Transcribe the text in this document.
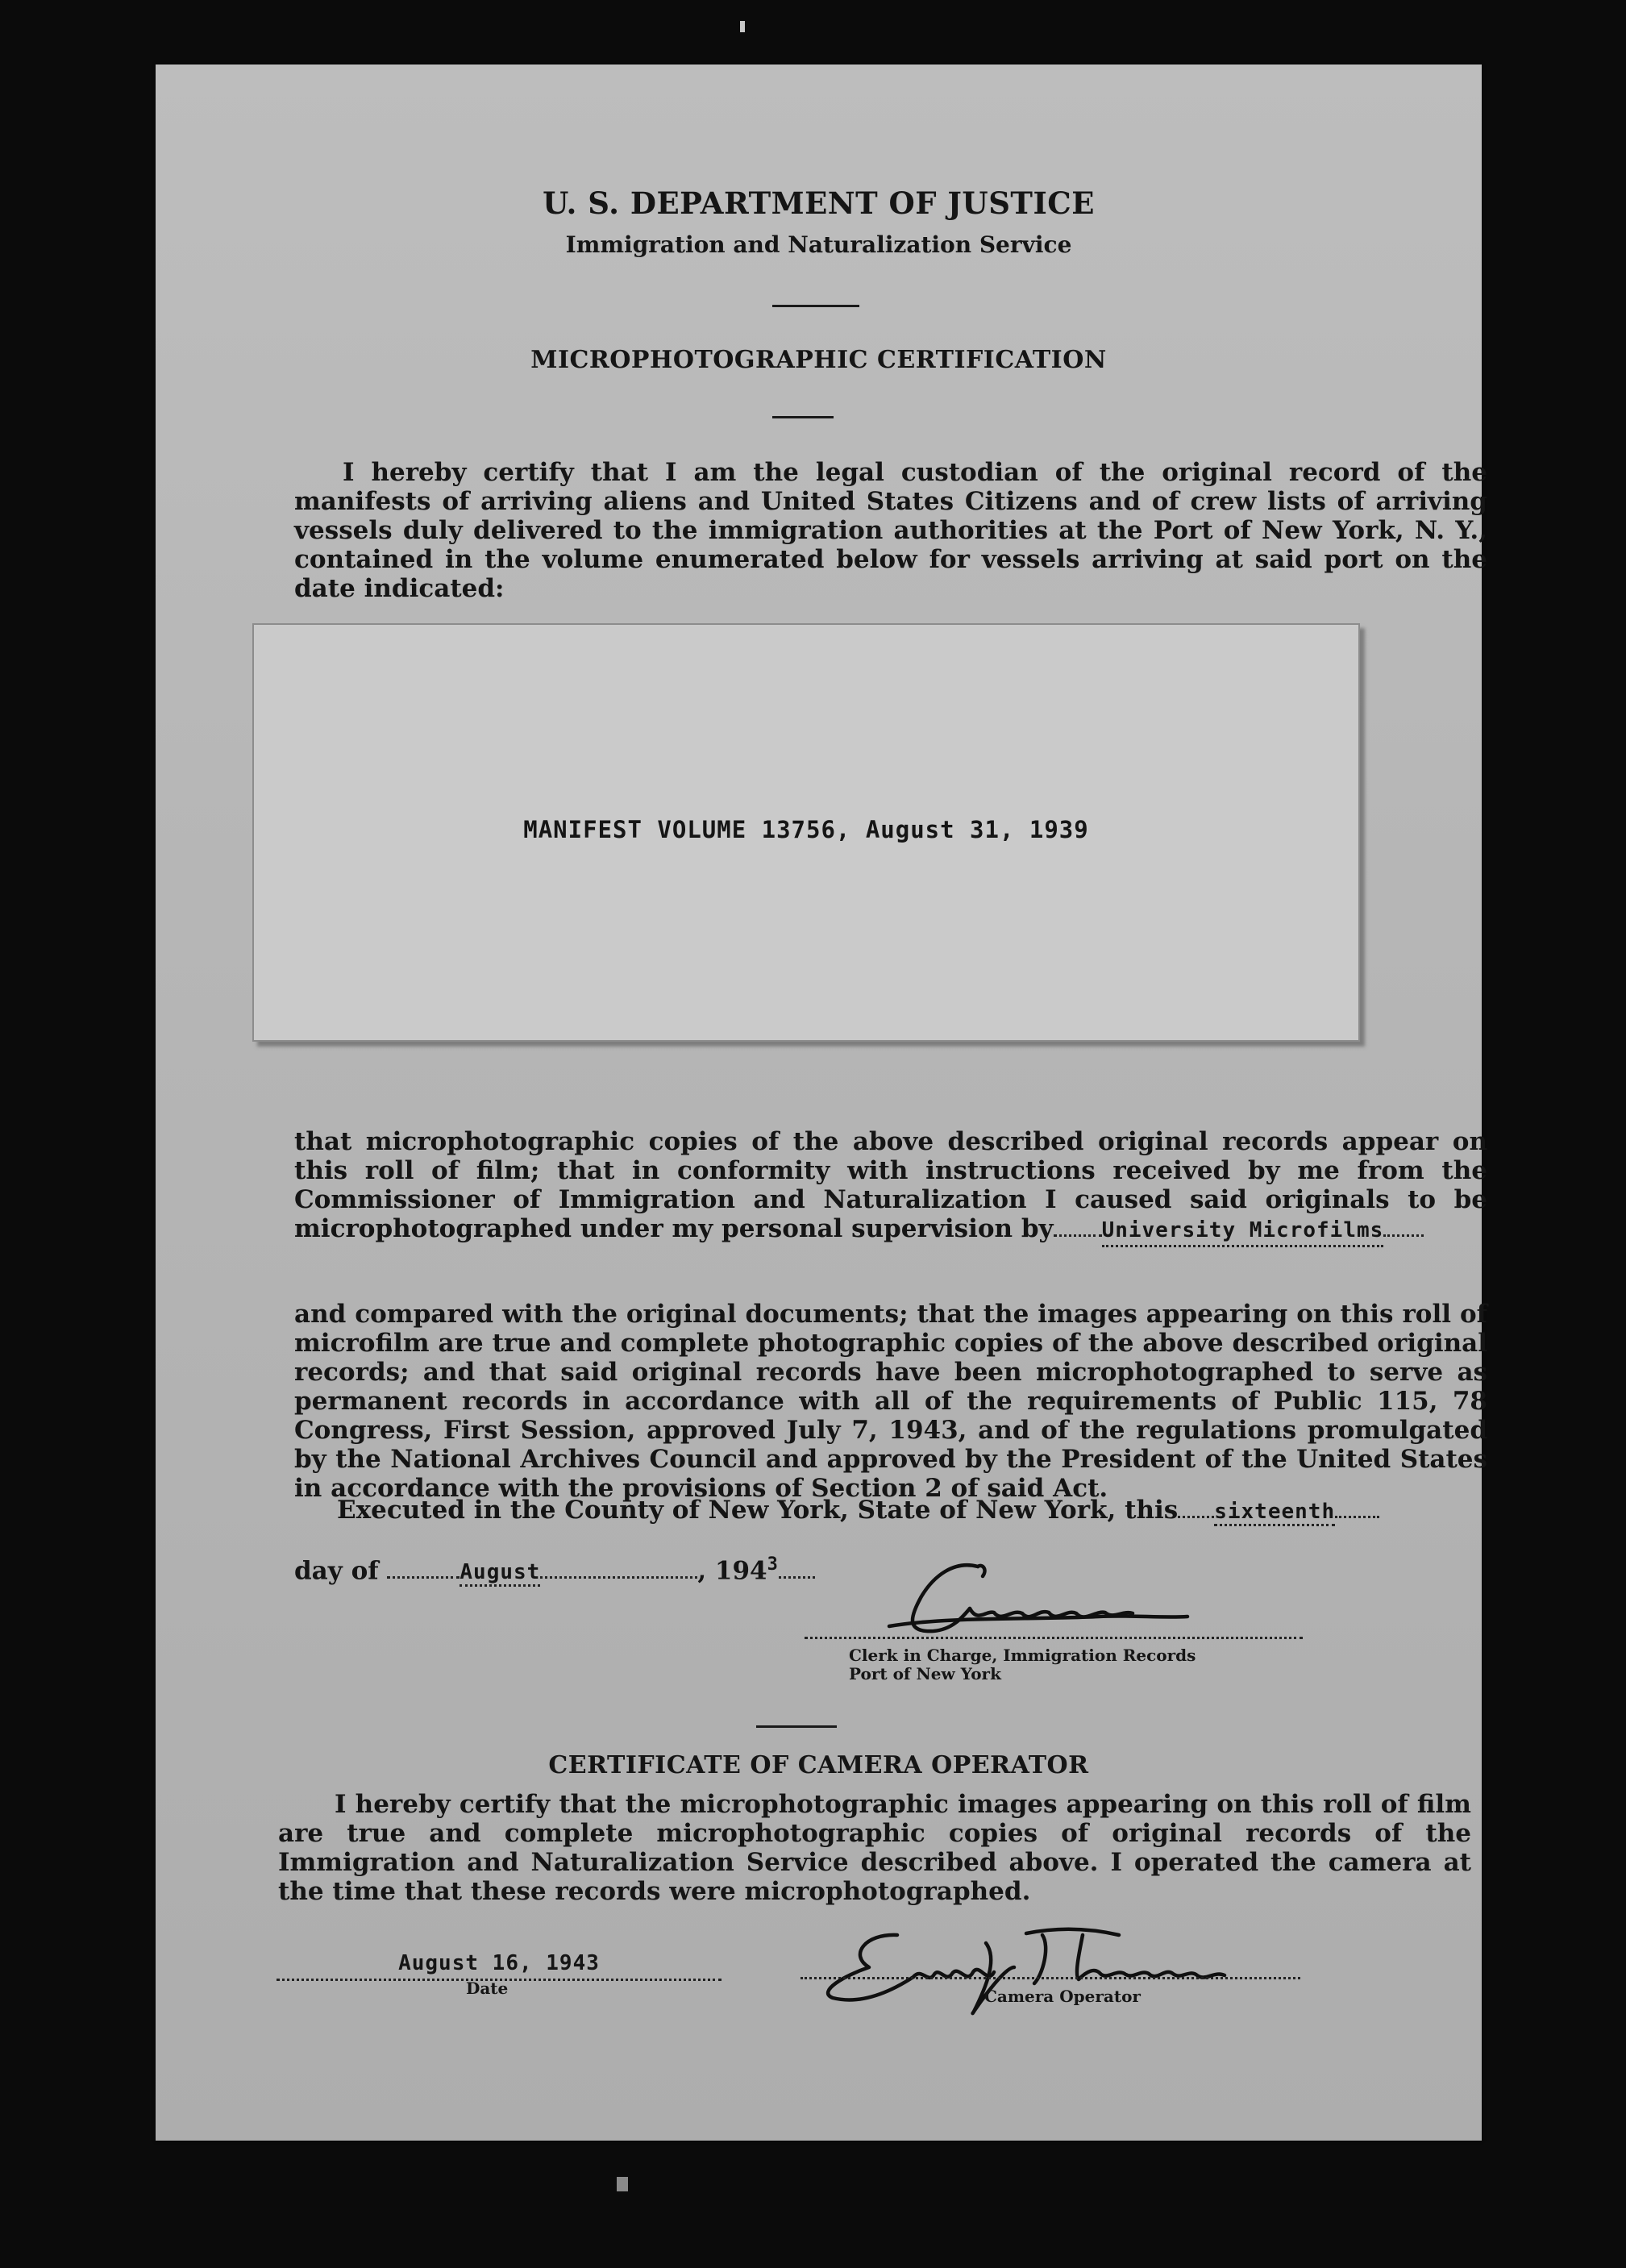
U. S. DEPARTMENT OF JUSTICE

Immigration and Naturalization Service

MICROPHOTOGRAPHIC CERTIFICATION

I hereby certify that I am the legal custodian of the original record of the manifests of arriving aliens and United States Citizens and of crew lists of arriving vessels duly delivered to the immigration authorities at the Port of New York, N. Y., contained in the volume enumerated below for vessels arriving at said port on the date indicated:

MANIFEST VOLUME 13756, August 31, 1939

that microphotographic copies of the above described original records appear on this roll of film; that in conformity with instructions received by me from the Commissioner of Immigration and Naturalization I caused said originals to be microphotographed under my personal supervision by University Microfilms

and compared with the original documents; that the images appearing on this roll of microfilm are true and complete photographic copies of the above described original records; and that said original records have been microphotographed to serve as permanent records in accordance with all of the requirements of Public 115, 78 Congress, First Session, approved July 7, 1943, and of the regulations promulgated by the National Archives Council and approved by the President of the United States in accordance with the provisions of Section 2 of said Act.

Executed in the County of New York, State of New York, this sixteenth
day of	August	, $194^3$
Clerk in Charge, Immigration Records
Port of New York

CERTIFICATE OF CAMERA OPERATOR

I hereby certify that the microphotographic images appearing on this roll of film are true and complete microphotographic copies of original records of the Immigration and Naturalization Service described above. I operated the camera at the time that these records were microphotographed.

August 16, 1943
Date	Camera Operator
